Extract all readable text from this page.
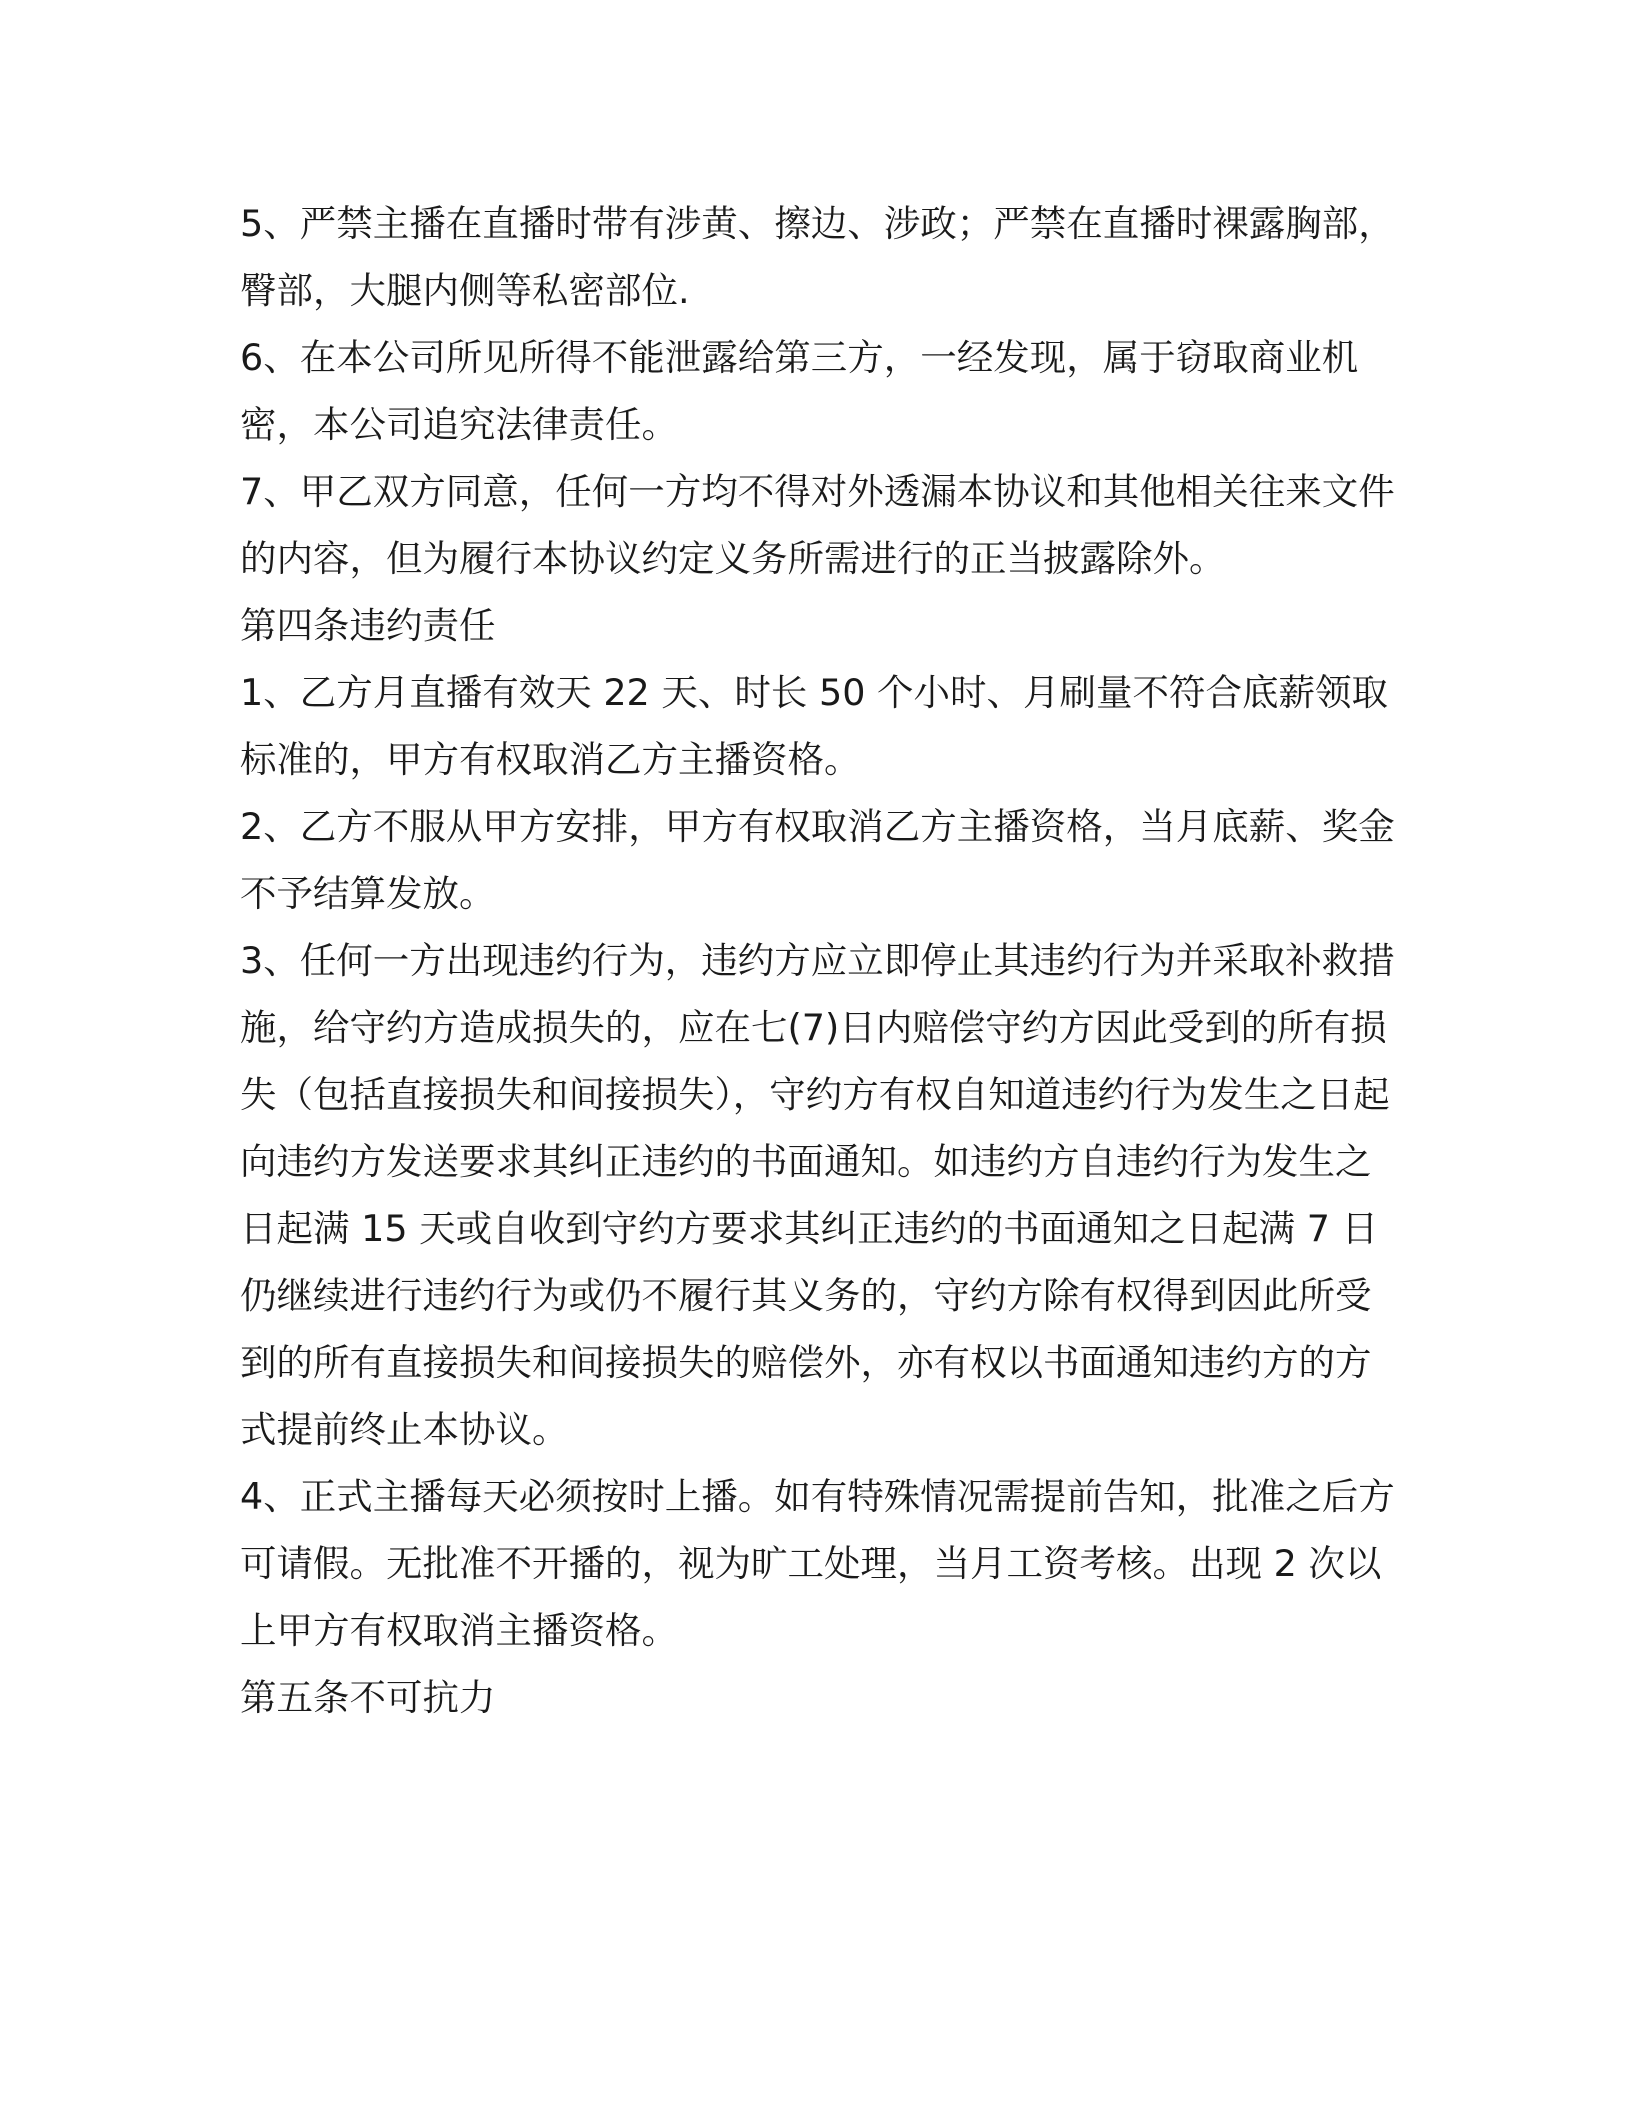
5、严禁主播在直播时带有涉黄、擦边、涉政；严禁在直播时裸露胸部，臀部，大腿内侧等私密部位.

6、在本公司所见所得不能泄露给第三方，一经发现，属于窃取商业机密，本公司追究法律责任。

7、甲乙双方同意，任何一方均不得对外透漏本协议和其他相关往来文件的内容，但为履行本协议约定义务所需进行的正当披露除外。

第四条违约责任

1、乙方月直播有效天 22 天、时长 50 个小时、月刷量不符合底薪领取标准的，甲方有权取消乙方主播资格。

2、乙方不服从甲方安排，甲方有权取消乙方主播资格，当月底薪、奖金不予结算发放。

3、任何一方出现违约行为，违约方应立即停止其违约行为并采取补救措施，给守约方造成损失的，应在七(7)日内赔偿守约方因此受到的所有损失（包括直接损失和间接损失），守约方有权自知道违约行为发生之日起向违约方发送要求其纠正违约的书面通知。如违约方自违约行为发生之日起满 15 天或自收到守约方要求其纠正违约的书面通知之日起满 7 日仍继续进行违约行为或仍不履行其义务的，守约方除有权得到因此所受到的所有直接损失和间接损失的赔偿外，亦有权以书面通知违约方的方式提前终止本协议。

4、正式主播每天必须按时上播。如有特殊情况需提前告知，批准之后方可请假。无批准不开播的，视为旷工处理，当月工资考核。出现 2 次以上甲方有权取消主播资格。

第五条不可抗力
